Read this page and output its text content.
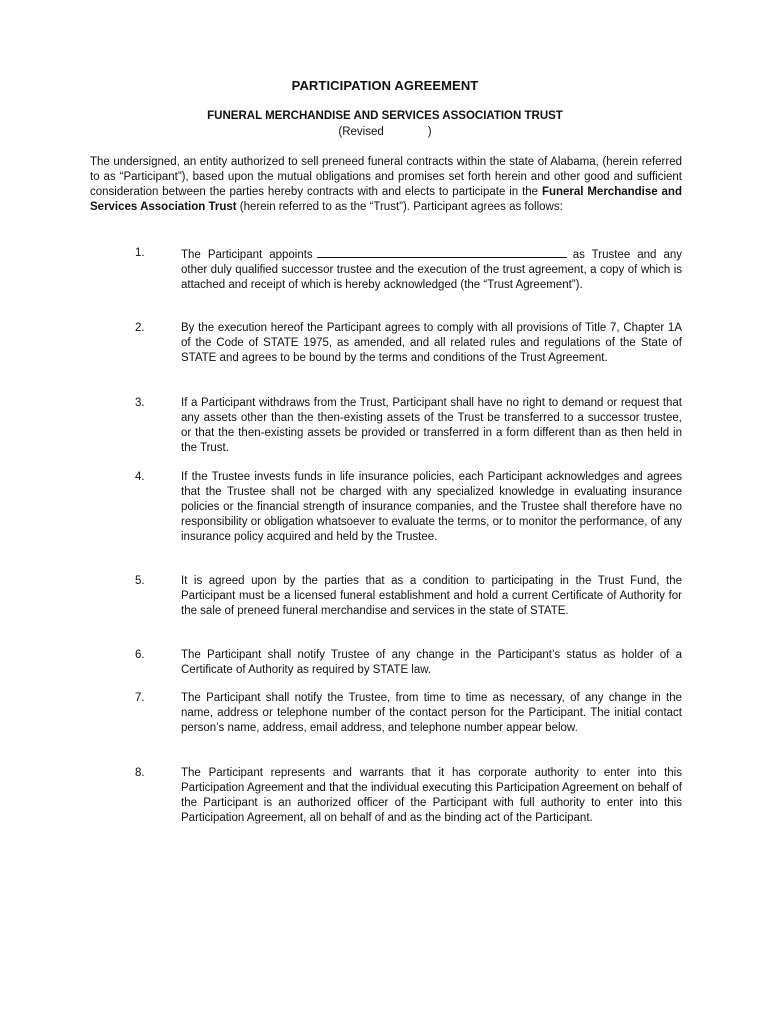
PARTICIPATION AGREEMENT
FUNERAL MERCHANDISE AND SERVICES ASSOCIATION TRUST
(Revised	)
The undersigned, an entity authorized to sell preneed funeral contracts within the state of Alabama, (herein referred to as “Participant”), based upon the mutual obligations and promises set forth herein and other good and sufficient consideration between the parties hereby contracts with and elects to participate in the Funeral Merchandise and Services Association Trust (herein referred to as the “Trust”). Participant agrees as follows:
1.	The Participant appoints	as Trustee and any other duly qualified successor trustee and the execution of the trust agreement, a copy of which is attached and receipt of which is hereby acknowledged (the “Trust Agreement”).
2.	By the execution hereof the Participant agrees to comply with all provisions of Title 7, Chapter 1A of the Code of STATE 1975, as amended, and all related rules and regulations of the State of STATE and agrees to be bound by the terms and conditions of the Trust Agreement.
3.	If a Participant withdraws from the Trust, Participant shall have no right to demand or request that any assets other than the then-existing assets of the Trust be transferred to a successor trustee, or that the then-existing assets be provided or transferred in a form different than as then held in the Trust.
4.	If the Trustee invests funds in life insurance policies, each Participant acknowledges and agrees that the Trustee shall not be charged with any specialized knowledge in evaluating insurance policies or the financial strength of insurance companies, and the Trustee shall therefore have no responsibility or obligation whatsoever to evaluate the terms, or to monitor the performance, of any insurance policy acquired and held by the Trustee.
5.	It is agreed upon by the parties that as a condition to participating in the Trust Fund, the Participant must be a licensed funeral establishment and hold a current Certificate of Authority for the sale of preneed funeral merchandise and services in the state of STATE.
6.	The Participant shall notify Trustee of any change in the Participant’s status as holder of a Certificate of Authority as required by STATE law.
7.	The Participant shall notify the Trustee, from time to time as necessary, of any change in the name, address or telephone number of the contact person for the Participant. The initial contact person’s name, address, email address, and telephone number appear below.
8.	The Participant represents and warrants that it has corporate authority to enter into this Participation Agreement and that the individual executing this Participation Agreement on behalf of the Participant is an authorized officer of the Participant with full authority to enter into this Participation Agreement, all on behalf of and as the binding act of the Participant.
